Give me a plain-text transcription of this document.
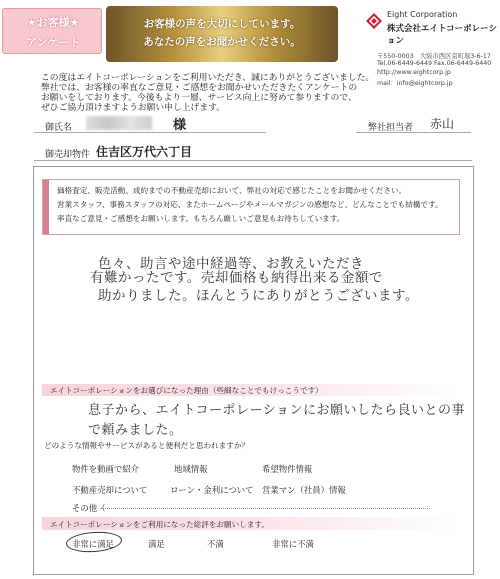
★お客様★
アンケート
お客様の声を大切にしています。
あなたの声をお聞かせください。
Eight Corporation
株式会社エイトコーポレーション
〒550-0003　大阪市西区京町堀3-6-17
Tel.06-6449-6449 Fax.06-6449-6440
http://www.eightcorp.jp
mail：info@eightcorp.jp
この度はエイトコーポレーションをご利用いただき、誠にありがとうございました。
弊社では、お客様の率直なご意見・ご感想をお聞かせいただきたくアンケートの
お願いをしております。今後もより一層、サービス向上に努めて参りますので、
ぜひご協力頂けますようお願い申し上げます。
御氏名	様	弊社担当者 赤山
御売却物件 住吉区万代六丁目
価格査定、販売活動、成約までの不動産売却において、弊社の対応で感じたことをお聞かせください。
営業スタッフ、事務スタッフの対応、またホームページやメールマガジンの感想など、どんなことでも結構です。
率直なご意見・ご感想をお願いします。もちろん厳しいご意見もお待ちしています。
色々、助言や途中経過等、お教えいただき
有難かったです。売却価格も納得出来る金額で
助かりました。ほんとうにありがとうございます。
エイトコーポレーションをお選びになった理由（些細なことでもけっこうです）
息子から、エイトコーポレーションにお願いしたら良いとの事
で頼みました。
どのような情報やサービスがあると便利だと思われますか？
物件を動画で紹介	地域情報	希望物件情報
不動産売却について	ローン・金利について 営業マン（社員）情報
その他（
エイトコーポレーションをご利用になった総評をお願いします。
非常に満足	満足	不満	非常に不満
